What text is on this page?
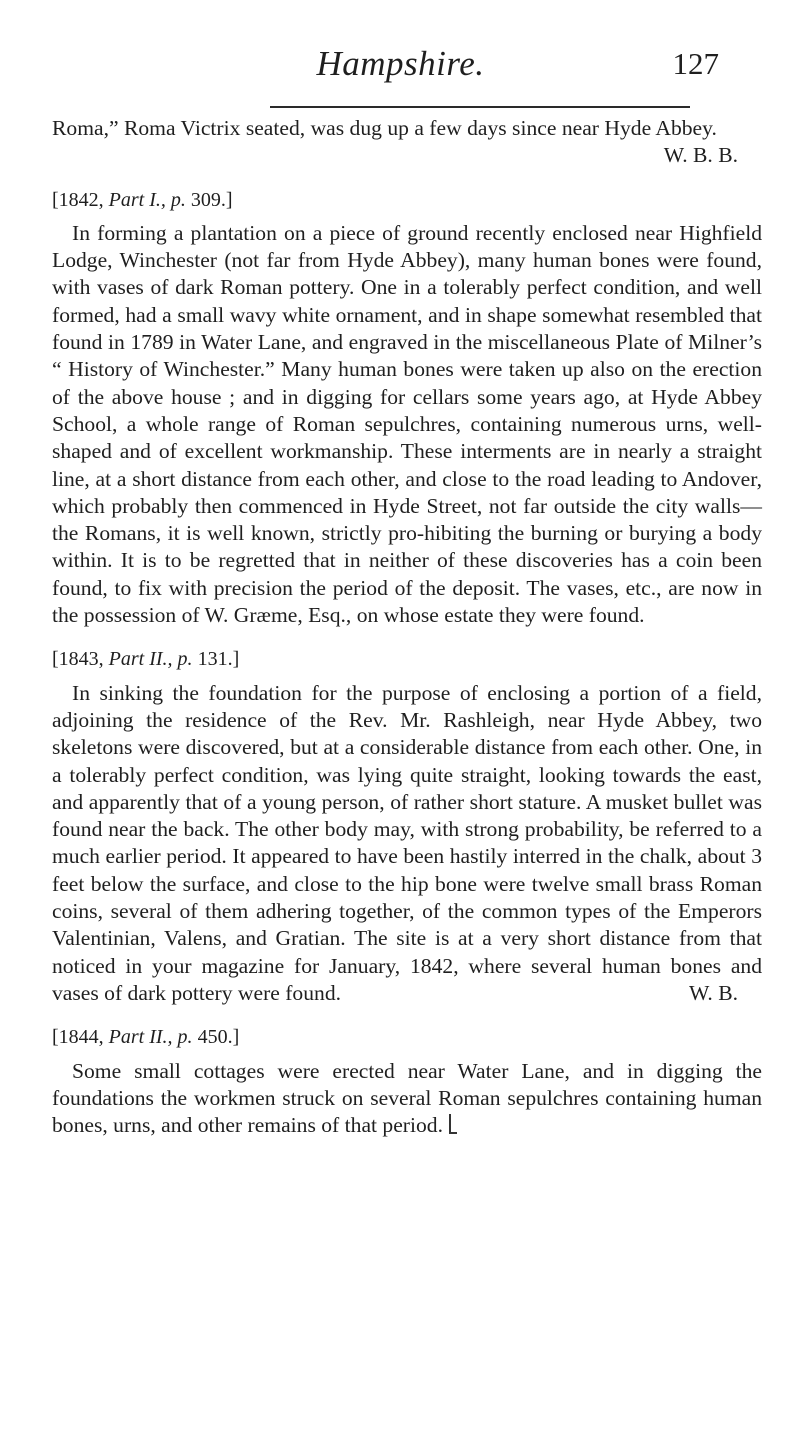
Hampshire.	127

Roma,” Roma Victrix seated, was dug up a few days since near Hyde Abbey.
W. B. B.

[1842, Part I., p. 309.]

In forming a plantation on a piece of ground recently enclosed near Highfield Lodge, Winchester (not far from Hyde Abbey), many human bones were found, with vases of dark Roman pottery. One in a tolerably perfect condition, and well formed, had a small wavy white ornament, and in shape somewhat resembled that found in 1789 in Water Lane, and engraved in the miscellaneous Plate of Milner’s “ History of Winchester.” Many human bones were taken up also on the erection of the above house ; and in digging for cellars some years ago, at Hyde Abbey School, a whole range of Roman sepulchres, containing numerous urns, well-shaped and of excellent workmanship. These interments are in nearly a straight line, at a short distance from each other, and close to the road leading to Andover, which probably then commenced in Hyde Street, not far outside the city walls—the Romans, it is well known, strictly pro-hibiting the burning or burying a body within. It is to be regretted that in neither of these discoveries has a coin been found, to fix with precision the period of the deposit. The vases, etc., are now in the possession of W. Græme, Esq., on whose estate they were found.

[1843, Part II., p. 131.]

In sinking the foundation for the purpose of enclosing a portion of a field, adjoining the residence of the Rev. Mr. Rashleigh, near Hyde Abbey, two skeletons were discovered, but at a considerable distance from each other. One, in a tolerably perfect condition, was lying quite straight, looking towards the east, and apparently that of a young person, of rather short stature. A musket bullet was found near the back. The other body may, with strong probability, be referred to a much earlier period. It appeared to have been hastily interred in the chalk, about 3 feet below the surface, and close to the hip bone were twelve small brass Roman coins, several of them adhering together, of the common types of the Emperors Valentinian, Valens, and Gratian. The site is at a very short distance from that noticed in your magazine for January, 1842, where several human bones and vases of dark pottery were found.	W. B.

[1844, Part II., p. 450.]

Some small cottages were erected near Water Lane, and in digging the foundations the workmen struck on several Roman sepulchres containing human bones, urns, and other remains of that period.
